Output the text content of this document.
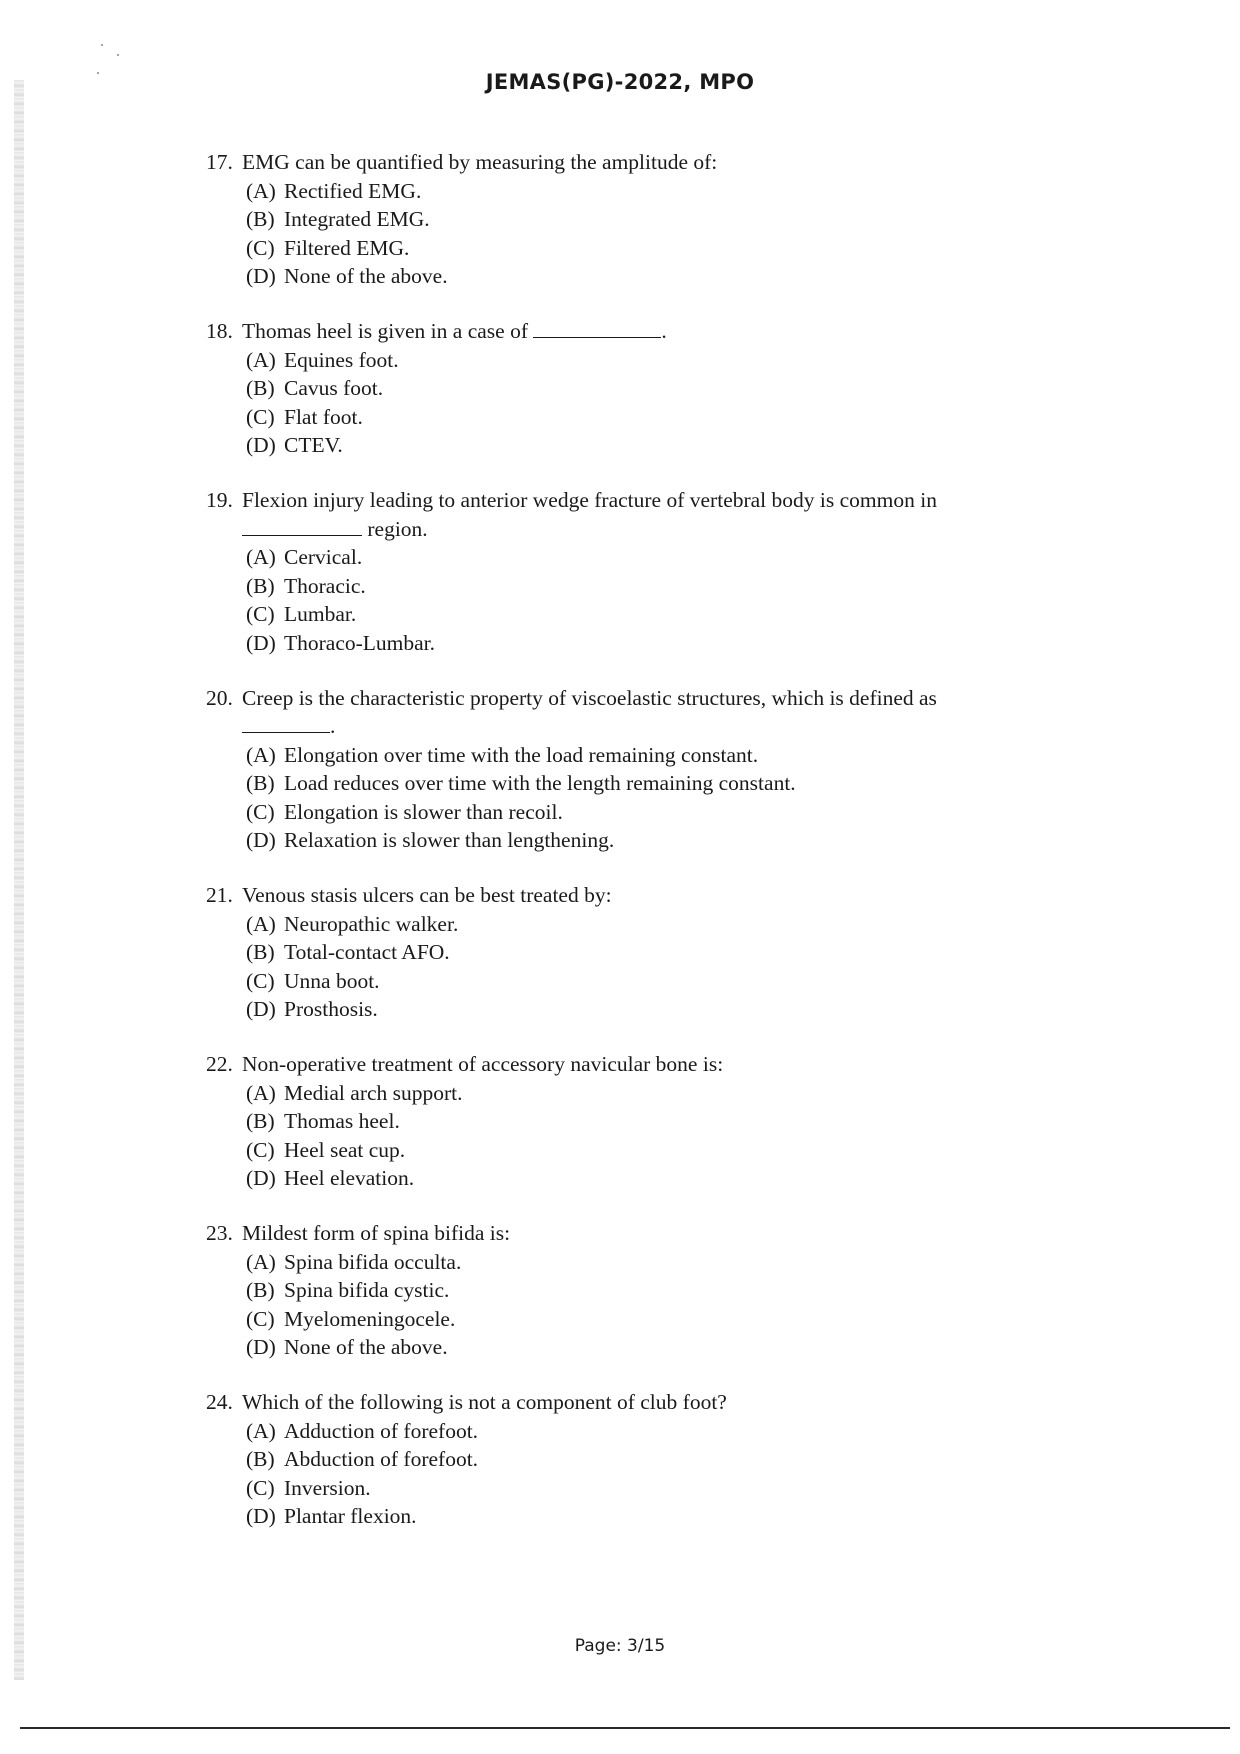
JEMAS(PG)-2022, MPO
17. EMG can be quantified by measuring the amplitude of:

(A) Rectified EMG.
(B) Integrated EMG.
(C) Filtered EMG.
(D) None of the above.
18. Thomas heel is given in a case of	.

(A) Equines foot.
(B) Cavus foot.
(C) Flat foot.
(D) CTEV.
19. Flexion injury leading to anterior wedge fracture of vertebral body is common in
region.

(A) Cervical.
(B) Thoracic.
(C) Lumbar.
(D) Thoraco-Lumbar.
20. Creep is the characteristic property of viscoelastic structures, which is defined as
.

(A) Elongation over time with the load remaining constant.
(B) Load reduces over time with the length remaining constant.
(C) Elongation is slower than recoil.
(D) Relaxation is slower than lengthening.
21. Venous stasis ulcers can be best treated by:

(A) Neuropathic walker.
(B) Total-contact AFO.
(C) Unna boot.
(D) Prosthosis.
22. Non-operative treatment of accessory navicular bone is:

(A) Medial arch support.
(B) Thomas heel.
(C) Heel seat cup.
(D) Heel elevation.
23. Mildest form of spina bifida is:

(A) Spina bifida occulta.
(B) Spina bifida cystic.
(C) Myelomeningocele.
(D) None of the above.
24. Which of the following is not a component of club foot?

(A) Adduction of forefoot.
(B) Abduction of forefoot.
(C) Inversion.
(D) Plantar flexion.
Page: 3/15
